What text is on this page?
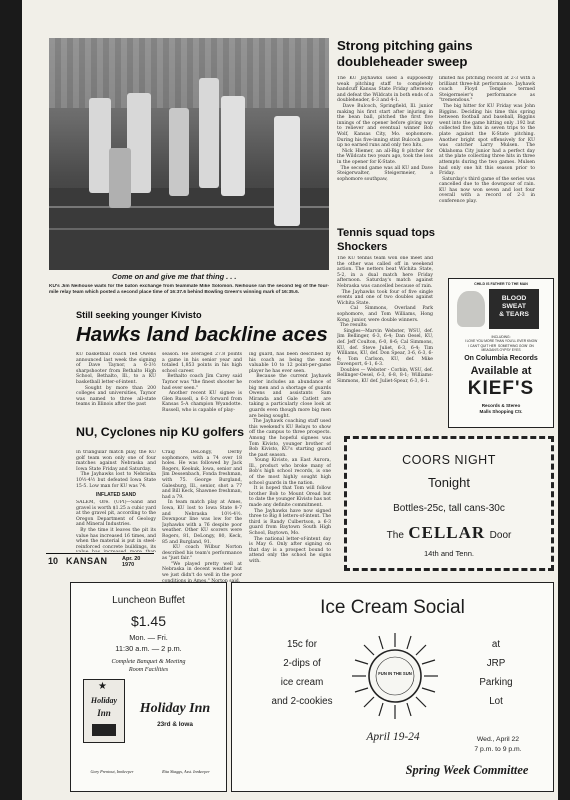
Come on and give me that thing . . .
KU's Jim Neihouse waits for the baton exchange from teammate Mike Solomon. Neihouse ran the second leg of the four-mile relay team which posted a second place time of 16:37.6 behind Bowling Green's winning mark of 16:35.6.
Strong pitching gains doubleheader sweep
The KU Jayhawks used a supposedly weak pitching staff to completely handcuff Kansas State Friday afternoon and defeat the Wildcats in both ends of a doubleheader, 6-3 and 4-1.
Dave Bulcoch, Springfield, Ill. junior making his first start after injuring in the bean ball, pitched the first five innings of the opener before giving way to reliever and eventual winner Bob Wolf, Kansas City, Mo. sophomore. During his five-inning stint Bulcoch gave up no earned runs and only two hits.
Nick Hiemer, an all-Big 8 pitcher for the Wildcats two years ago, took the loss in the opener for K-State.
The second game was all KU and Dave Steigerwalter, Steigermeier, a sophomore southpaw,
limited his pitching record at 2-3 with a brilliant three-hit performance. Jayhawk coach Floyd Temple termed Steigermeier's performance as "tremendous."
The big hitter for KU Friday was John Biggins. Deciding his time this spring between football and baseball, Biggins went into the game hitting only .192 but collected five hits in seven trips to the plate against the K-State pitching. Another bright spot offensively for KU was catcher Larry Mulsen. The Oklahoma City junior had a perfect day at the plate collecting three hits in three attempts during the two games. Mulsen had only one hit this season prior to Friday.
Saturday's third game of the series was cancelled due to the downpour of rain. KU has now won seven and lost four overall with a record of 2-3 in conference play.
Tennis squad tops Shockers
The KU tennis team won one meet and the other was called off in weekend action. The netters beat Wichita State, 5-2, in a dual match here Friday afternoon. Saturday's match against Nebraska was cancelled because of rain.
The Jayhawks took four of five single events and one of two doubles against Wichita State.
Cal Simmons, Overland Park sophomore, and Tom Williams, Hong Kong, junior, were double winners.
The results:
Singles—Marvin Webster, WSU, def. Jim Bellinger, 6-3, 6-4; Dan Oesel, KU, def. Jeff Coulton, 6-0, 8-6; Cal Simmons, KU, def. Steve Juliet, 6-3, 6-4; Tim Williams, KU, def. Don Spear, 3-6, 6-3, 6-4; Tom Carlson, KU, def. Mike Davenport, 6-1, 6-3.
Doubles — Webster - Corbin, WSU, def. Bellinger-Oesel, 6-3, 6-8, 8-1; Williams-Simmons, KU def. Juliet-Spear, 6-3, 6-1.
Still seeking younger Kivisto
Hawks land backline aces
KU basketball coach Ted Owens announced last week the signing of Dave Taynor, a 6-3½ sharpshooter from Bethalto High School, Bethalto, Ill., to a KU basketball letter-of-intent.
Sought by more than 200 colleges and universities, Taynor was named to three all-state teams in Illinois after the past
season. He averaged 27.8 points a game in his senior year and totaled 1,853 points in his high school career.
Bethalto coach Jim Carey said Taynor was "the finest shooter he had ever seen."
Another recent KU signee is Glen Russell, a 6-3 forward from Kansas 5-A champion Wyandotte. Russell, who is capable of play-
ing guard, has been described by his coach as being the most valuable 10 to 12 point-per-game player he has ever seen.
Because the current Jayhawk roster includes an abundance of big men and a shortage of guards Owens and assistants Sam Miranda and Gale Catlett are taking a particularly close look at guards even though more big men are being sought.
The Jayhawk coaching staff used this weekend's KU Relays to show off the campus to three prospects. Among the hopeful signees was Tom Kivisto, younger brother of Bob Kivisto, KU's starting guard the past season.
Young Kivisto, an East Aurora, Ill., product who broke many of Bob's high school records, is one of the most highly sought high school guards in the nation.
It is hoped that Tom will follow brother Bob to Mount Oread but to date the younger Kivisto has not made any definite commitment.
The Jayhawks have now signed three to Big 8 letters-of-intent. The third is Randy Culbertson, a 6-3 guard from Baytown South High School, Baytown, Mo.
The national letter-of-intent day is May 6. Only after signing on that day is a prospect bound to attend only the school he signs with.
NU, Cyclones nip KU golfers
In triangular match play, the KU golf team won only one of four matches against Nebraska and Iowa State Friday and Saturday.
The Jayhawks lost to Nebraska 10½-4½ but defeated Iowa State 15-5. Low man for KU was 74.
INFLATED SAND
SALEM, Ore. (UPI)—Sand and gravel is worth $1.25 a cubic yard at the gravel pit, according to the Oregon Department of Geology and Mineral Industries.
By the time it leaves the pit its value has increased 16 times, and when the material is put in steel-reinforced concrete buildings, its
Craig DeLongy, Derby sophomore, with a 74 over 18 holes. He was followed by Jack Rogers, Keokuk, Iowa, senior and Jim Dessenbach, Fonda freshman, with 75. George Burgland, Galesburg, Ill., senior, shot a 77 and Bill Keck, Shawnee freshman, had a 79.
In team match play at Ames, Iowa, KU lost to Iowa State 8-7 and Nebraska 10½-4½. Downpour line was low for the Jayhawks with a 76 despite poor weather. Other KU scorers were Rogers, 81, DeLongy, 80, Keck, 85 and Burgland, 91.
KU coach Wilbur Norton described his team's performance as "just fair."
"We played pretty well at Nebraska in decent weather but we just didn't do well in the poor conditions in Ames," Norton said.

10 KANSAN	Apr. 20
1970
CHILD IS FATHER TO THE MAN
BLOOD
SWEAT
& TEARS
INCLUDING:
I LOVE YOU MORE THAN YOU'LL EVER KNOW
I CAN'T QUIT HER  SOMETHING GOIN' ON
MEAGAN'S GYPSY EYES
On Columbia Records
Available at
KIEF'S
Records & Stereo
Malls Shopping Ctr.
COORS NIGHT
Tonight
Bottles-25c, tall cans-30c
The CELLAR Door
14th and Tenn.
Ice Cream Social
15c for
2-dips of
ice cream
and 2-cookies
FUN IN THE SUN
at
JRP
Parking
Lot
April 19-24	Wed., April 22
7 p.m. to 9 p.m.
Spring Week Committee
Luncheon Buffet
$1.45
Mon. — Fri.
11:30 a.m. — 2 p.m.
Complete Banquet & Meeting
Room Facilities
★
Holiday
Inn	Holiday Inn
23rd & Iowa
Gary Prentout, Innkeeper	Rita Skaggs, Asst. Innkeeper
